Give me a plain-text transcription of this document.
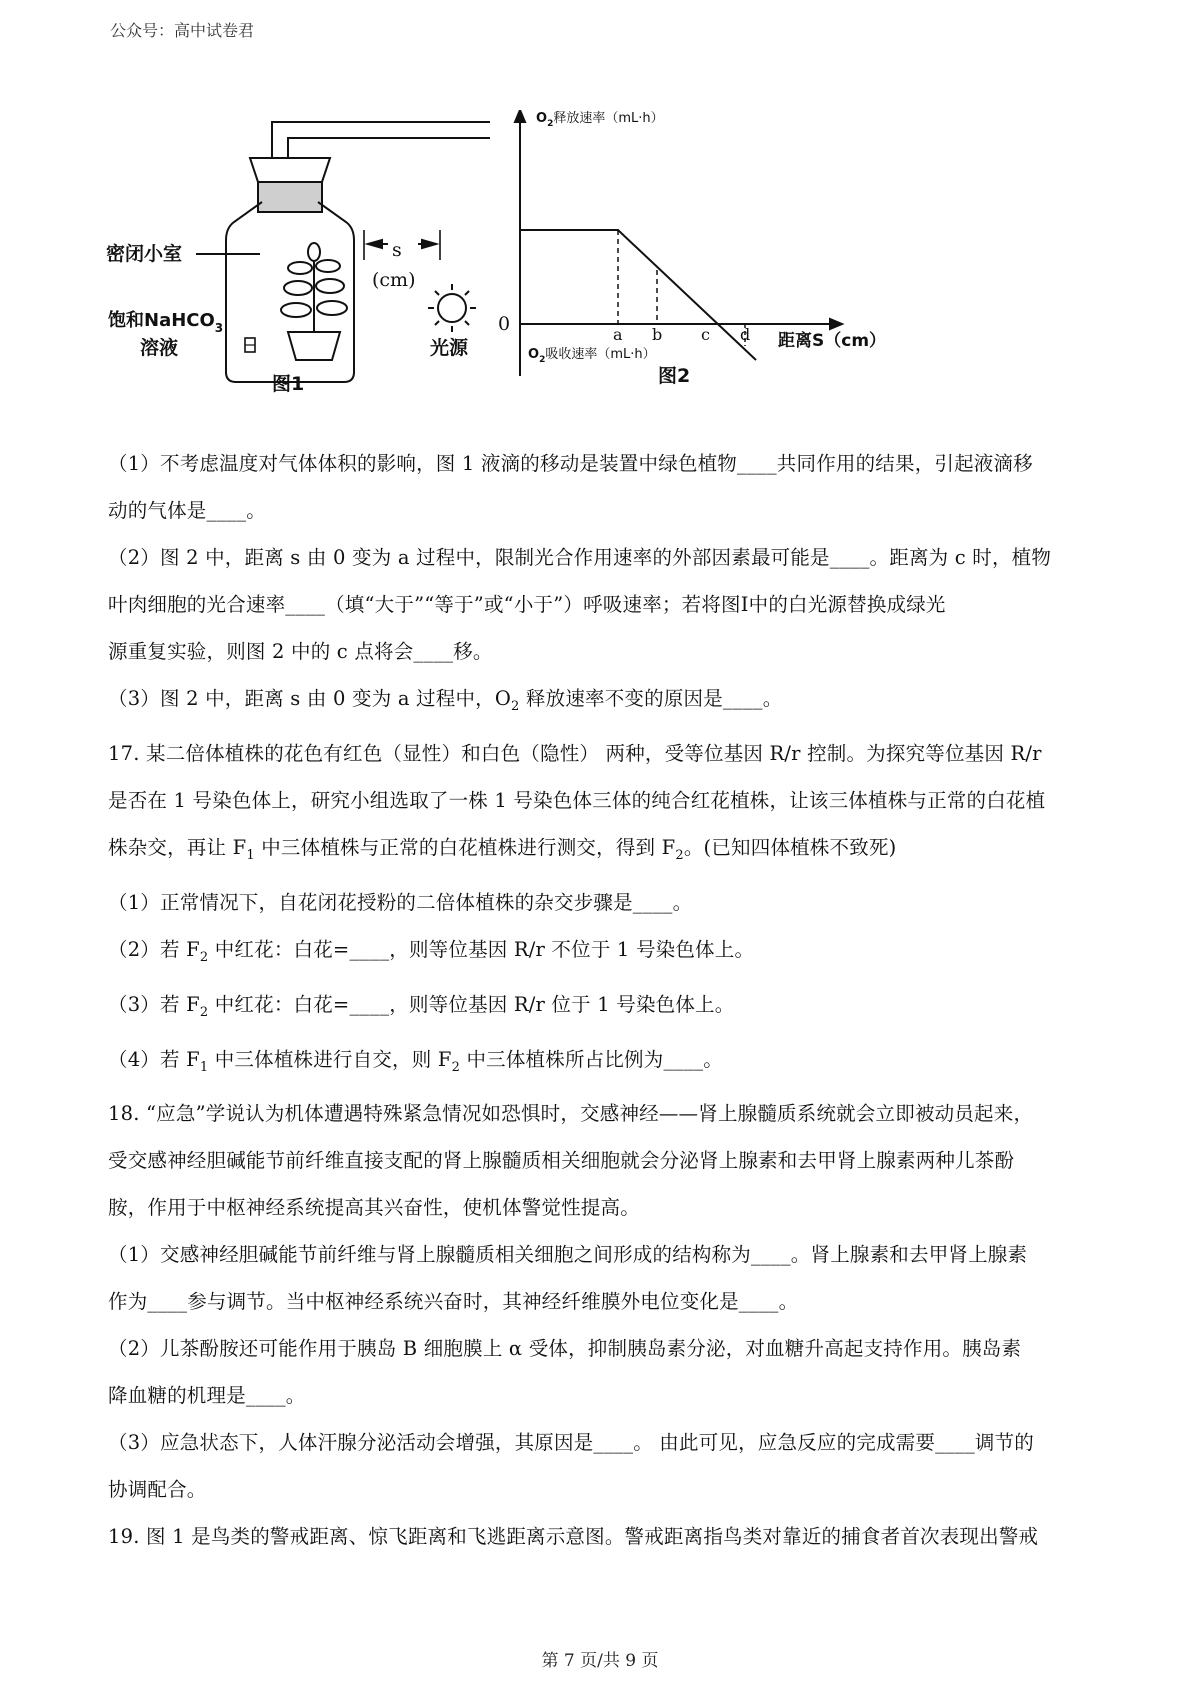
公众号：高中试卷君
密闭小室
饱和NaHCO$_3$
溶液
s
(cm)
光源
图1
$O_2$释放速率（mL·h）
0	a b c d 距离S（cm）
$O_2$吸收速率（mL·h）
图2
（1）不考虑温度对气体体积的影响，图 1 液滴的移动是装置中绿色植物____共同作用的结果，引起液滴移
动的气体是____。
（2）图 2 中，距离 s 由 0 变为 a 过程中，限制光合作用速率的外部因素最可能是____。距离为 c 时，植物
叶肉细胞的光合速率____（填“大于”“等于”或“小于”）呼吸速率；若将图Ⅰ中的白光源替换成绿光
源重复实验，则图 2 中的 c 点将会____移。
（3）图 2 中，距离 s 由 0 变为 a 过程中，$O_2$ 释放速率不变的原因是____。
17. 某二倍体植株的花色有红色（显性）和白色（隐性） 两种，受等位基因 R/r 控制。为探究等位基因 R/r
是否在 1 号染色体上，研究小组选取了一株 1 号染色体三体的纯合红花植株，让该三体植株与正常的白花植
株杂交，再让 $F_1$ 中三体植株与正常的白花植株进行测交，得到 $F_2$。(已知四体植株不致死)
（1）正常情况下，自花闭花授粉的二倍体植株的杂交步骤是____。
（2）若 $F_2$ 中红花：白花=____，则等位基因 R/r 不位于 1 号染色体上。
（3）若 $F_2$ 中红花：白花=____，则等位基因 R/r 位于 1 号染色体上。
（4）若 $F_1$ 中三体植株进行自交，则 $F_2$ 中三体植株所占比例为____。
18. “应急”学说认为机体遭遇特殊紧急情况如恐惧时，交感神经——肾上腺髓质系统就会立即被动员起来，
受交感神经胆碱能节前纤维直接支配的肾上腺髓质相关细胞就会分泌肾上腺素和去甲肾上腺素两种儿茶酚
胺，作用于中枢神经系统提高其兴奋性，使机体警觉性提高。
（1）交感神经胆碱能节前纤维与肾上腺髓质相关细胞之间形成的结构称为____。肾上腺素和去甲肾上腺素
作为____参与调节。当中枢神经系统兴奋时，其神经纤维膜外电位变化是____。
（2）儿茶酚胺还可能作用于胰岛 B 细胞膜上 α 受体，抑制胰岛素分泌，对血糖升高起支持作用。胰岛素
降血糖的机理是____。
（3）应急状态下，人体汗腺分泌活动会增强，其原因是____。 由此可见，应急反应的完成需要____调节的
协调配合。
19. 图 1 是鸟类的警戒距离、惊飞距离和飞逃距离示意图。警戒距离指鸟类对靠近的捕食者首次表现出警戒
第 7 页/共 9 页
